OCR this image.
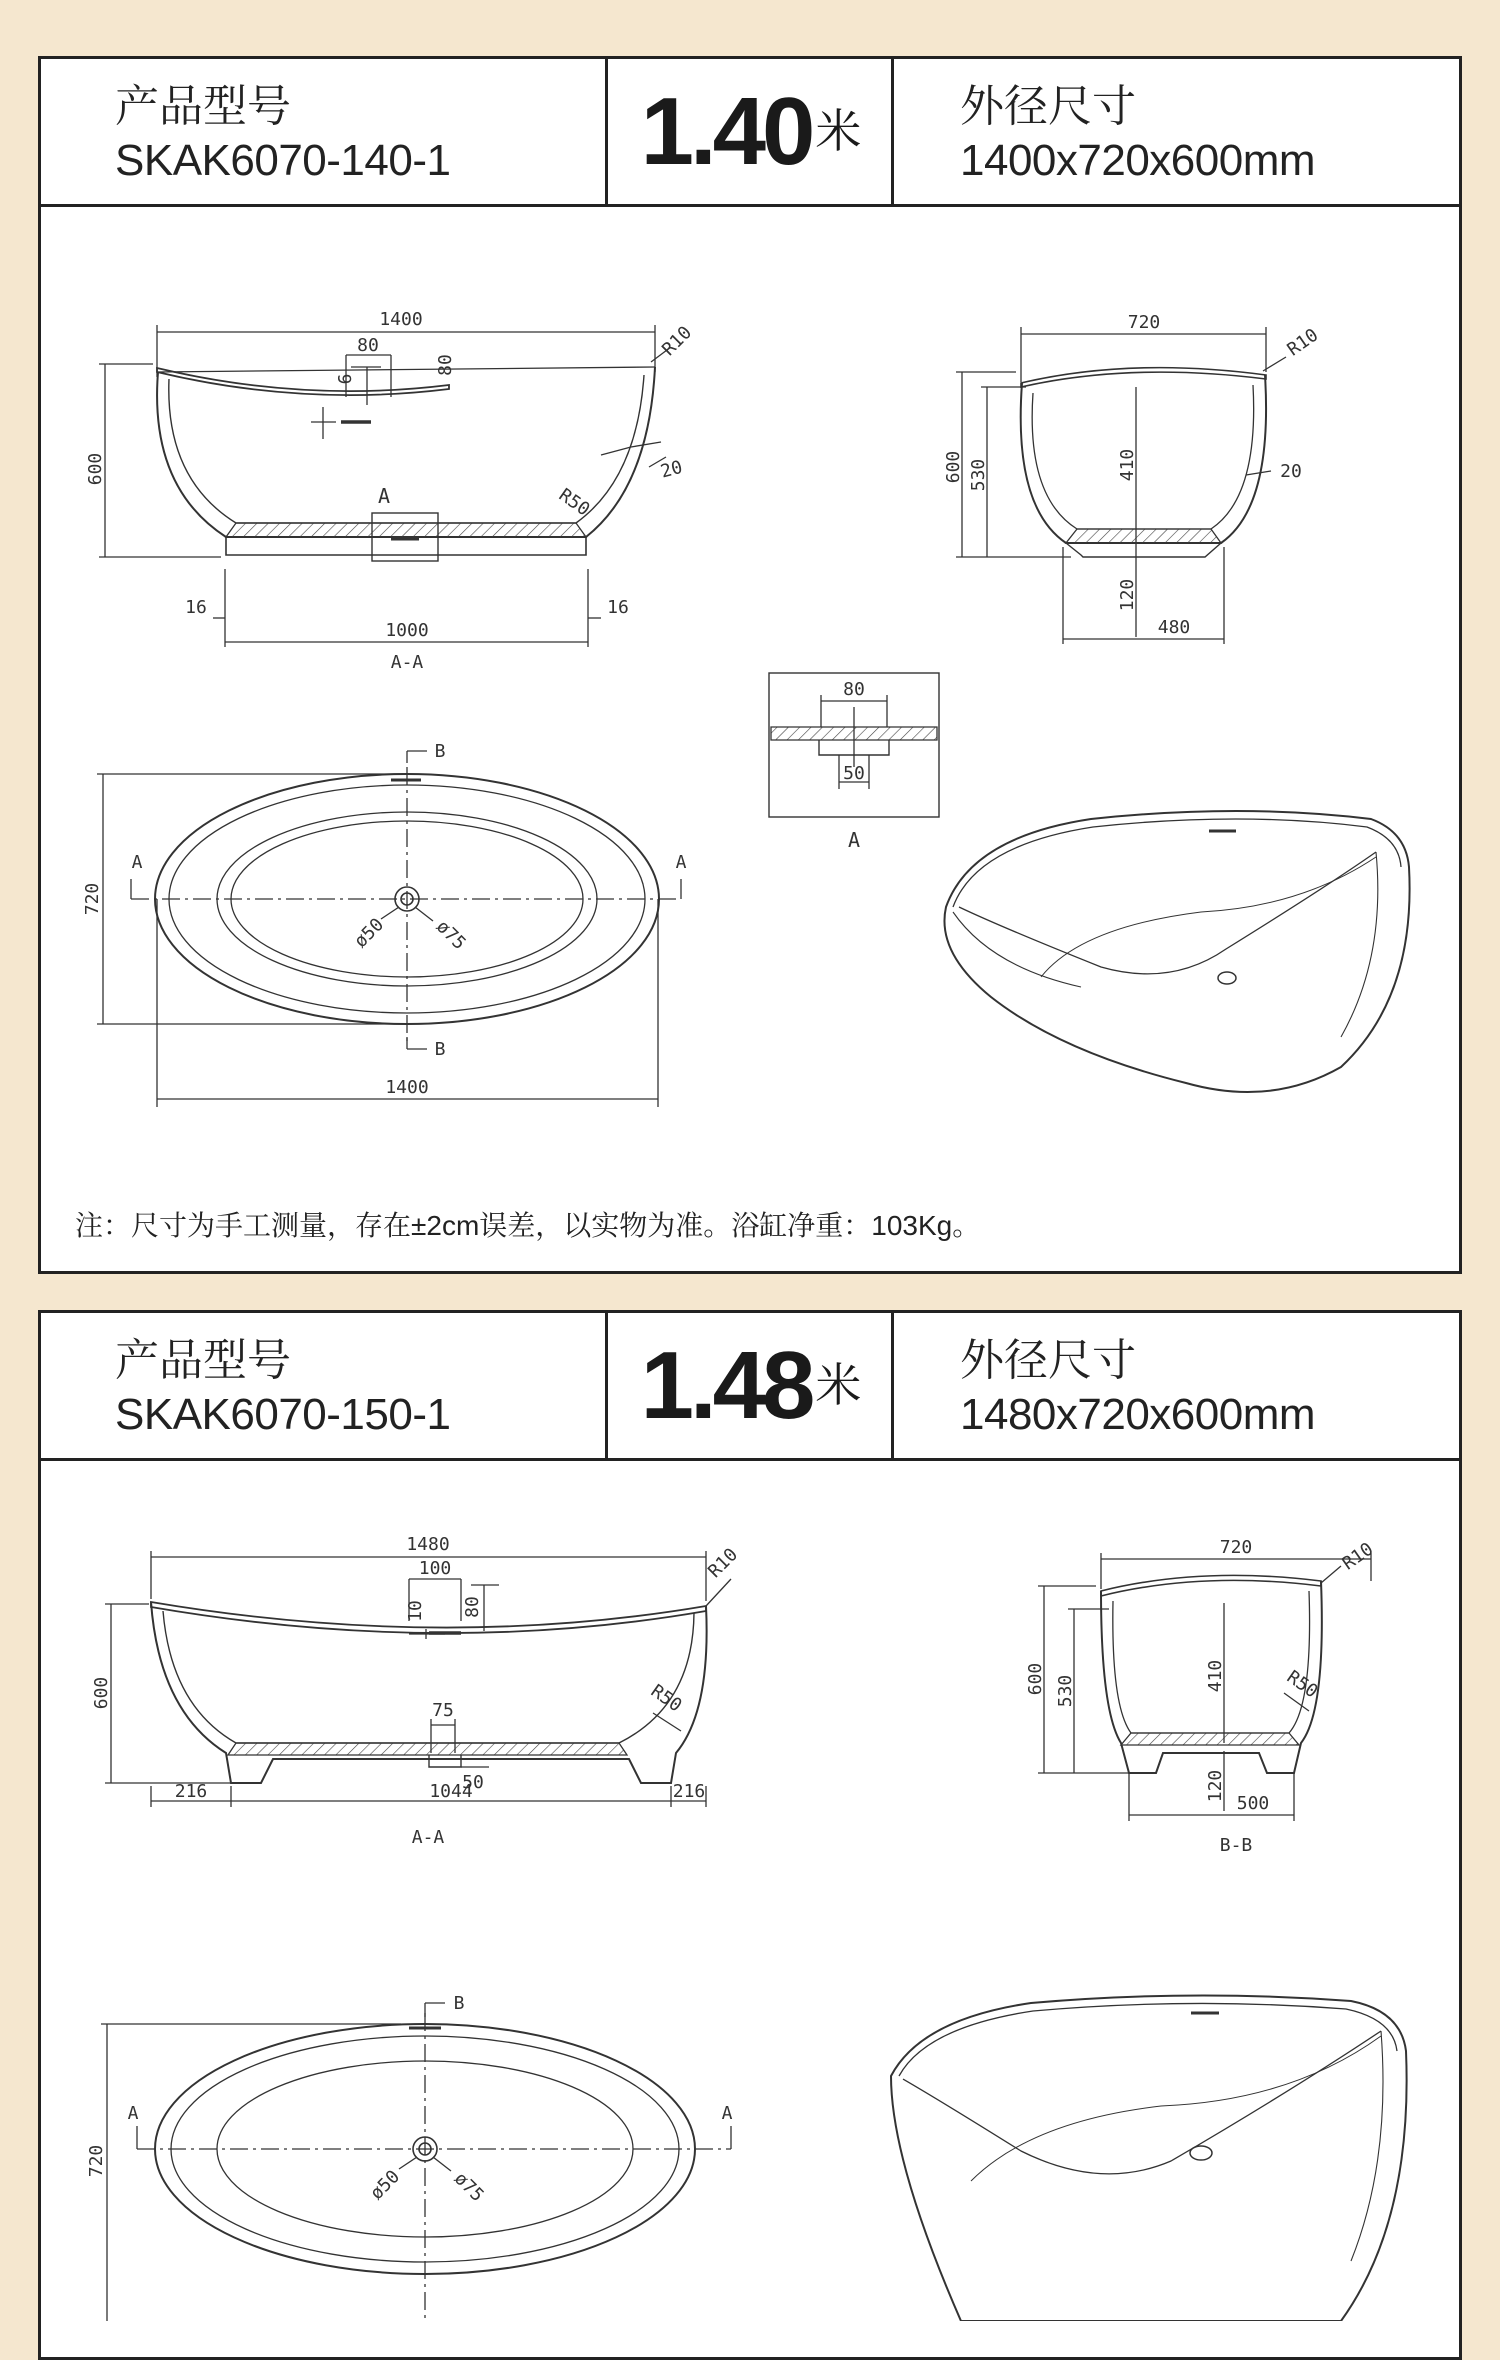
产品型号
SKAK6070-140-1	1.40米	外径尺寸
1400x720x600mm
1400
80
80
6
R10
R50
20
600
16	16
1000
A-A
A
720
R10
20
600 530	410
120
480
80
50
A
720
1400
A	A
B
B
ø50 ø75
注：尺寸为手工测量，存在±2cm误差，以实物为准。浴缸净重：103Kg。
产品型号
SKAK6070-150-1	1.48米	外径尺寸
1480x720x600mm
1480
100
80
10
R10
R50
75
50
600
216	216
1044
A-A
720	R10
R50
600 530	410
120
500
B-B
720
A	A
B
ø50	ø75
